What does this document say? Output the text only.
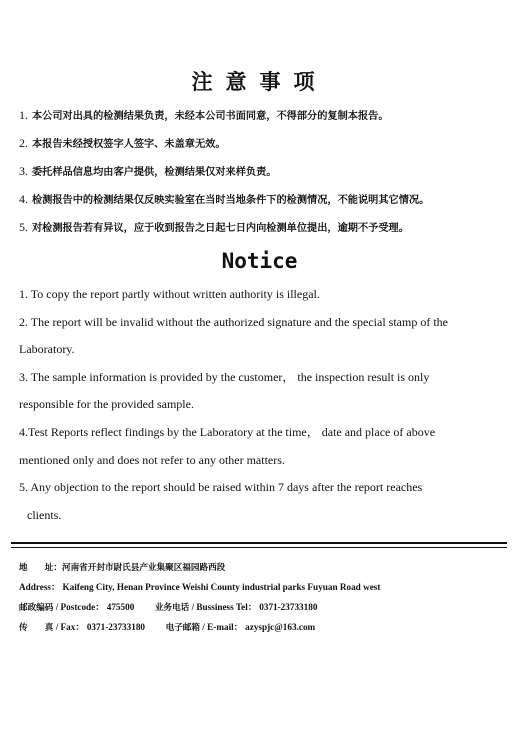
注意事项
1. 本公司对出具的检测结果负责，未经本公司书面同意，不得部分的复制本报告。
2. 本报告未经授权签字人签字、未盖章无效。
3. 委托样品信息均由客户提供，检测结果仅对来样负责。
4. 检测报告中的检测结果仅反映实验室在当时当地条件下的检测情况，不能说明其它情况。
5. 对检测报告若有异议，应于收到报告之日起七日内向检测单位提出，逾期不予受理。
Notice
1. To copy the report partly without written authority is illegal.
2. The report will be invalid without the authorized signature and the special stamp of the
Laboratory.
3. The sample information is provided by the customer， the inspection result is only
responsible for the provided sample.
4.Test Reports reflect findings by the Laboratory at the time， date and place of above
mentioned only and does not refer to any other matters.
5. Any objection to the report should be raised within 7 days after the report reaches
clients.
地　　址：河南省开封市尉氏县产业集聚区福园路西段
Address： Kaifeng City, Henan Province Weishi County industrial parks Fuyuan Road west
邮政编码 / Postcode： 475500 业务电话 / Bussiness Tel： 0371-23733180
传　　真 / Fax： 0371-23733180 电子邮箱 / E-mail： azyspjc@163.com
